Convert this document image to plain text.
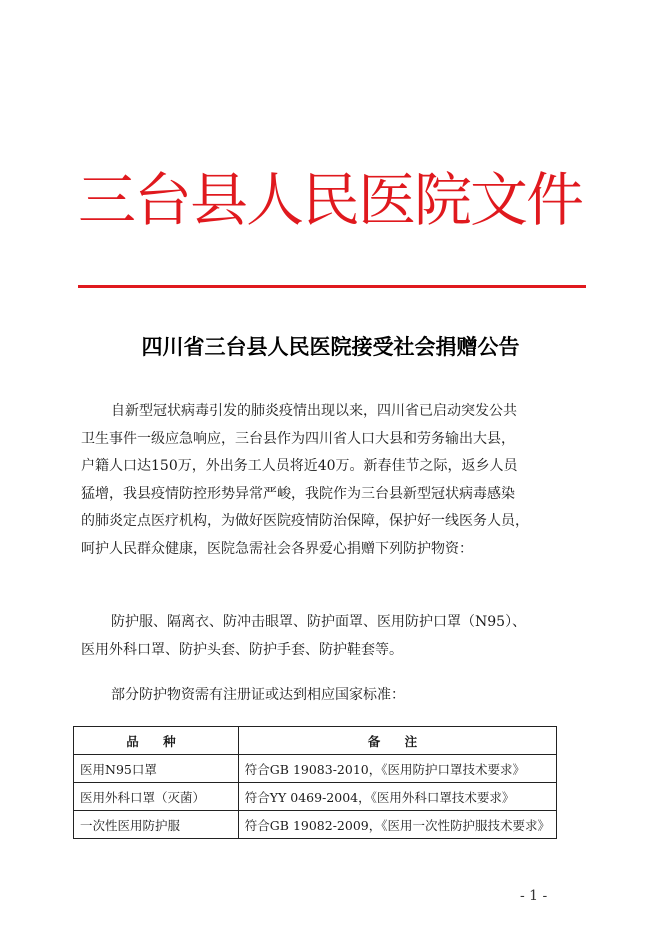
三台县人民医院文件
四川省三台县人民医院接受社会捐赠公告

自新型冠状病毒引发的肺炎疫情出现以来，四川省已启动突发公共
卫生事件一级应急响应，三台县作为四川省人口大县和劳务输出大县，
户籍人口达150万，外出务工人员将近40万。新春佳节之际，返乡人员
猛增，我县疫情防控形势异常严峻，我院作为三台县新型冠状病毒感染
的肺炎定点医疗机构，为做好医院疫情防治保障，保护好一线医务人员，
呵护人民群众健康，医院急需社会各界爱心捐赠下列防护物资：

防护服、隔离衣、防冲击眼罩、防护面罩、医用防护口罩（N95）、
医用外科口罩、防护头套、防护手套、防护鞋套等。

部分防护物资需有注册证或达到相应国家标准：

品 种	备 注
医用N95口罩	符合GB 19083-2010，《医用防护口罩技术要求》
医用外科口罩（灭菌）	符合YY 0469-2004，《医用外科口罩技术要求》
一次性医用防护服	符合GB 19082-2009，《医用一次性防护服技术要求》
- 1 -
